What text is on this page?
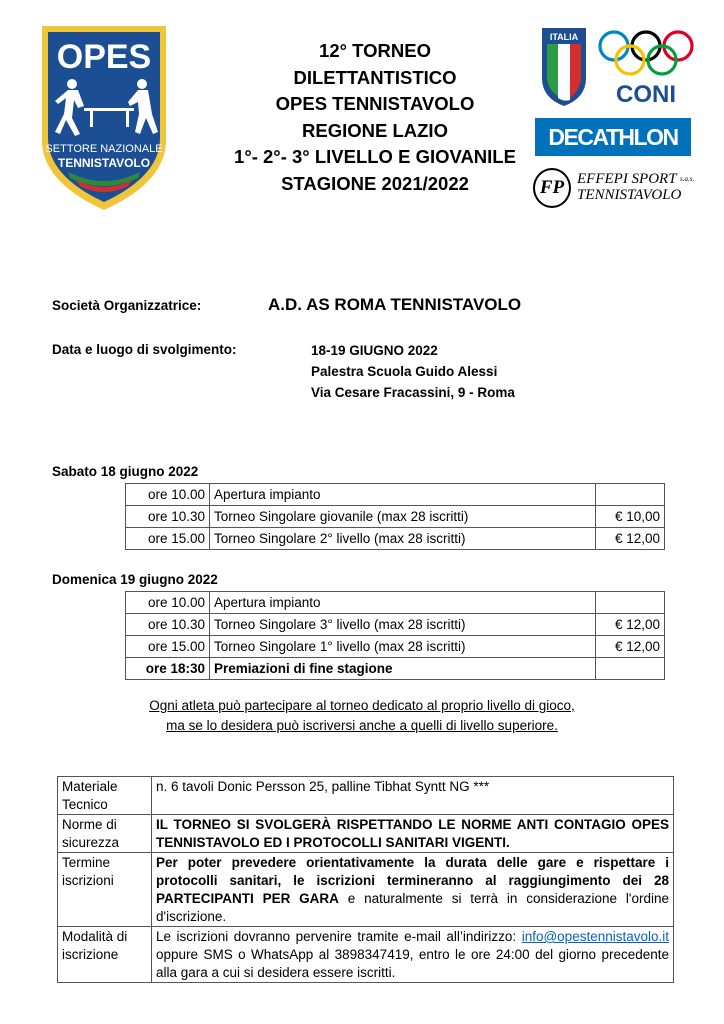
OPES
SETTORE NAZIONALE
TENNISTAVOLO
12° TORNEO
DILETTANTISTICO
OPES TENNISTAVOLO
REGIONE LAZIO
1°- 2°- 3° LIVELLO E GIOVANILE
STAGIONE 2021/2022
ITALIA
CONI
DECATHLON
FP EFFEPI SPORT $^{s.a.s.}$
TENNISTAVOLO
Società Organizzatrice:	A.D. AS ROMA TENNISTAVOLO
Data e luogo di svolgimento:	18-19 GIUGNO 2022
Palestra Scuola Guido Alessi
Via Cesare Fracassini, 9 - Roma
Sabato 18 giugno 2022
ore 10.00	Apertura impianto	
ore 10.30	Torneo Singolare giovanile (max 28 iscritti)	€ 10,00
ore 15.00	Torneo Singolare 2° livello (max 28 iscritti)	€ 12,00
Domenica 19 giugno 2022
ore 10.00	Apertura impianto	
ore 10.30	Torneo Singolare 3° livello (max 28 iscritti)	€ 12,00
ore 15.00	Torneo Singolare 1° livello (max 28 iscritti)	€ 12,00
ore 18:30	Premiazioni di fine stagione	
Ogni atleta può partecipare al torneo dedicato al proprio livello di gioco,
ma se lo desidera può iscriversi anche a quelli di livello superiore.
Materiale Tecnico	n. 6 tavoli Donic Persson 25, palline Tibhat Syntt NG ***
Norme di sicurezza	IL TORNEO SI SVOLGERÀ RISPETTANDO LE NORME ANTI CONTAGIO OPES TENNISTAVOLO ED I PROTOCOLLI SANITARI VIGENTI.
Termine iscrizioni	Per poter prevedere orientativamente la durata delle gare e rispettare i protocolli sanitari, le iscrizioni termineranno al raggiungimento dei 28 PARTECIPANTI PER GARA e naturalmente si terrà in considerazione l'ordine d'iscrizione.
Modalità di iscrizione	Le iscrizioni dovranno pervenire tramite e-mail all’indirizzo: info@opestennistavolo.it oppure SMS o WhatsApp al 3898347419, entro le ore 24:00 del giorno precedente alla gara a cui si desidera essere iscritti.
